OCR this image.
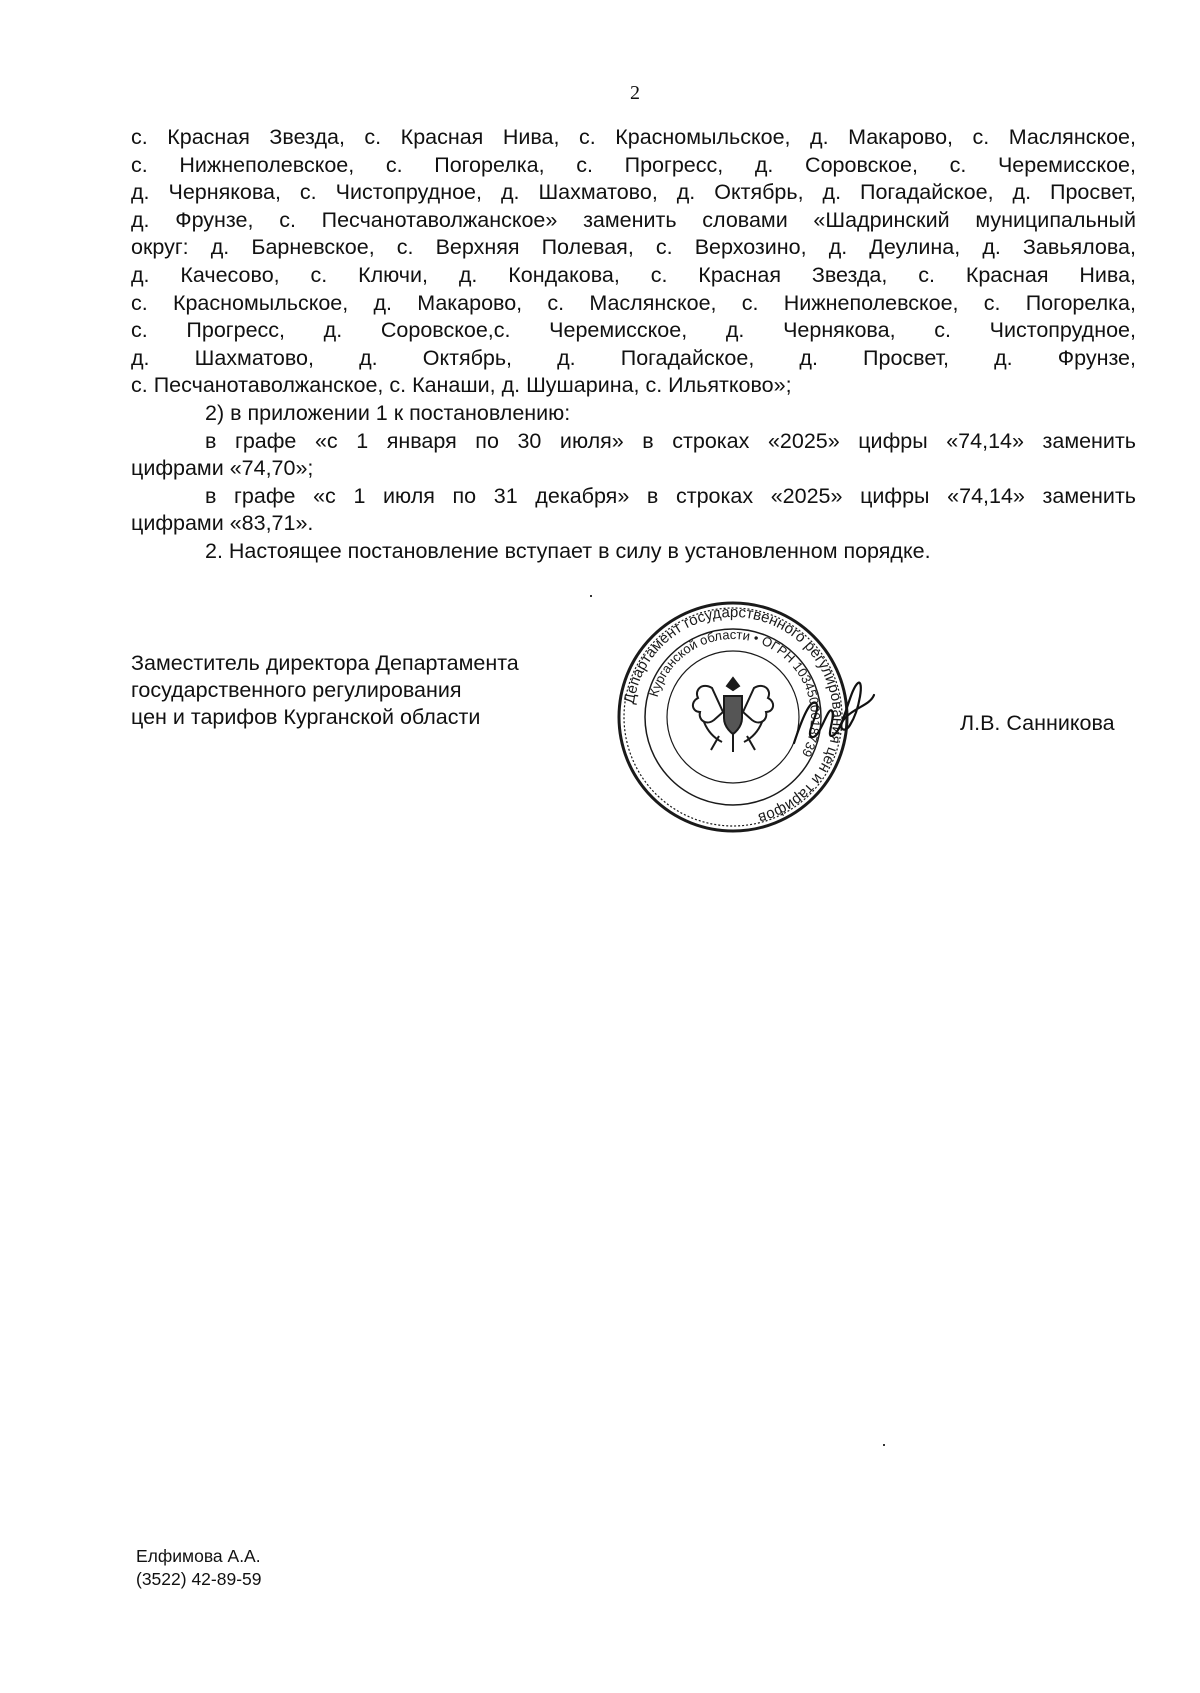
2
с. Красная Звезда, с. Красная Нива, с. Красномыльское, д. Макарово, с. Маслянское,
с. Нижнеполевское, с. Погорелка, с. Прогресс, д. Соровское, с. Черемисское,
д. Чернякова, с. Чистопрудное, д. Шахматово, д. Октябрь, д. Погадайское, д. Просвет,
д. Фрунзе, с. Песчанотаволжанское» заменить словами «Шадринский муниципальный
округ: д. Барневское, с. Верхняя Полевая, с. Верхозино, д. Деулина, д. Завьялова,
д. Качесово, с. Ключи, д. Кондакова, с. Красная Звезда, с. Красная Нива,
с. Красномыльское, д. Макарово, с. Маслянское, с. Нижнеполевское, с. Погорелка,
с. Прогресс, д. Соровское,с. Черемисское, д. Чернякова, с. Чистопрудное,
д. Шахматово, д. Октябрь, д. Погадайское, д. Просвет, д. Фрунзе,
с. Песчанотаволжанское, с. Канаши, д. Шушарина, с. Ильятково»;
2) в приложении 1 к постановлению:
в графе «с 1 января по 30 июля» в строках «2025» цифры «74,14» заменить
цифрами «74,70»;
в графе «с 1 июля по 31 декабря» в строках «2025» цифры «74,14» заменить
цифрами «83,71».
2. Настоящее постановление вступает в силу в установленном порядке.
Заместитель директора Департамента
государственного регулирования
цен и тарифов Курганской области
Департамент государственного регулирования цен и тарифов
Курганской области • ОГРН 1034500018739
Л.В. Санникова
Елфимова А.А.
(3522) 42-89-59
